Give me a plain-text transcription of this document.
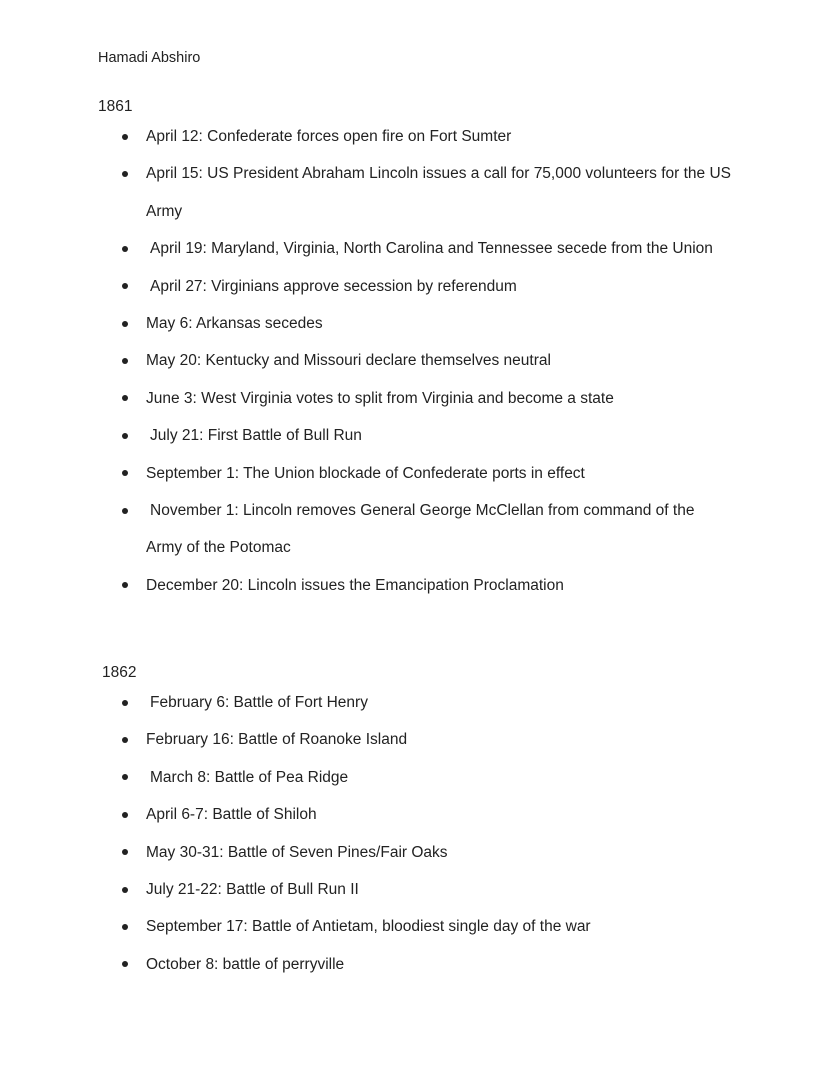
Hamadi Abshiro
1861
April 12: Confederate forces open fire on Fort Sumter
April 15: US President Abraham Lincoln issues a call for 75,000 volunteers for the US Army
April 19: Maryland, Virginia, North Carolina and Tennessee secede from the Union
April 27: Virginians approve secession by referendum
May 6: Arkansas secedes
May 20: Kentucky and Missouri declare themselves neutral
June 3: West Virginia votes to split from Virginia and become a state
July 21: First Battle of Bull Run
September 1: The Union blockade of Confederate ports in effect
November 1: Lincoln removes General George McClellan from command of the Army of the Potomac
December 20: Lincoln issues the Emancipation Proclamation
1862
February 6: Battle of Fort Henry
February 16: Battle of Roanoke Island
March 8: Battle of Pea Ridge
April 6-7: Battle of Shiloh
May 30-31: Battle of Seven Pines/Fair Oaks
July 21-22: Battle of Bull Run II
September 17: Battle of Antietam, bloodiest single day of the war
October 8: battle of perryville
